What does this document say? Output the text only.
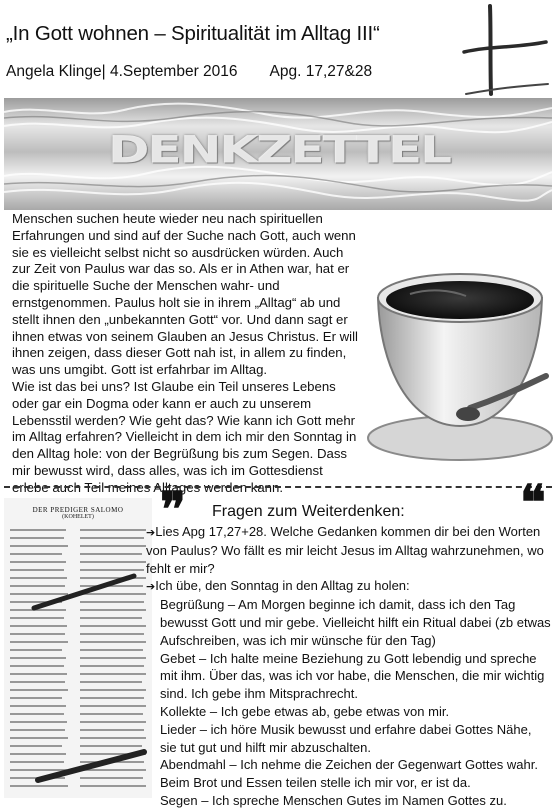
„In Gott wohnen – Spiritualität im Alltag III“
Angela Klinge| 4.September 2016 Apg. 17,27&28
DENKZETTEL

Menschen suchen heute wieder neu nach spirituellen Erfahrungen und sind auf der Suche nach Gott, auch wenn sie es vielleicht selbst nicht so ausdrücken würden. Auch zur Zeit von Paulus war das so. Als er in Athen war, hat er die spirituelle Suche der Menschen wahr- und ernstgenommen. Paulus holt sie in ihrem „Alltag“ ab und stellt ihnen den „unbekannten Gott“ vor. Und dann sagt er ihnen etwas von seinem Glauben an Jesus Christus. Er will ihnen zeigen, dass dieser Gott nah ist, in allem zu finden, was uns umgibt. Gott ist erfahrbar im Alltag.

Wie ist das bei uns? Ist Glaube ein Teil unseres Lebens oder gar ein Dogma oder kann er auch zu unserem Lebensstil werden? Wie geht das? Wie kann ich Gott mehr im Alltag erfahren? Vielleicht in dem ich mir den Sonntag in den Alltag hole: von der Begrüßung bis zum Segen. Dass mir bewusst wird, dass alles, was ich im Gottesdienst erlebe auch Teil meines Alltages werden kann.

DER PREDIGER SALOMO
(KOHELET)	❞ Fragen zum Weiterdenken: ❝

➔Lies Apg 17,27+28. Welche Gedanken kommen dir bei den Worten von Paulus? Wo fällt es mir leicht Jesus im Alltag wahrzunehmen, wo fehlt er mir?

➔Ich übe, den Sonntag in den Alltag zu holen:

Begrüßung – Am Morgen beginne ich damit, dass ich den Tag bewusst Gott und mir gebe. Vielleicht hilft ein Ritual dabei (zb etwas Aufschreiben, was ich mir wünsche für den Tag)
Gebet – Ich halte meine Beziehung zu Gott lebendig und spreche mit ihm. Über das, was ich vor habe, die Menschen, die mir wichtig sind. Ich gebe ihm Mitsprachrecht.
Kollekte – Ich gebe etwas ab, gebe etwas von mir.
Lieder – ich höre Musik bewusst und erfahre dabei Gottes Nähe, sie tut gut und hilft mir abzuschalten.
Abendmahl – Ich nehme die Zeichen der Gegenwart Gottes wahr. Beim Brot und Essen teilen stelle ich mir vor, er ist da.
Segen – Ich spreche Menschen Gutes im Namen Gottes zu.
